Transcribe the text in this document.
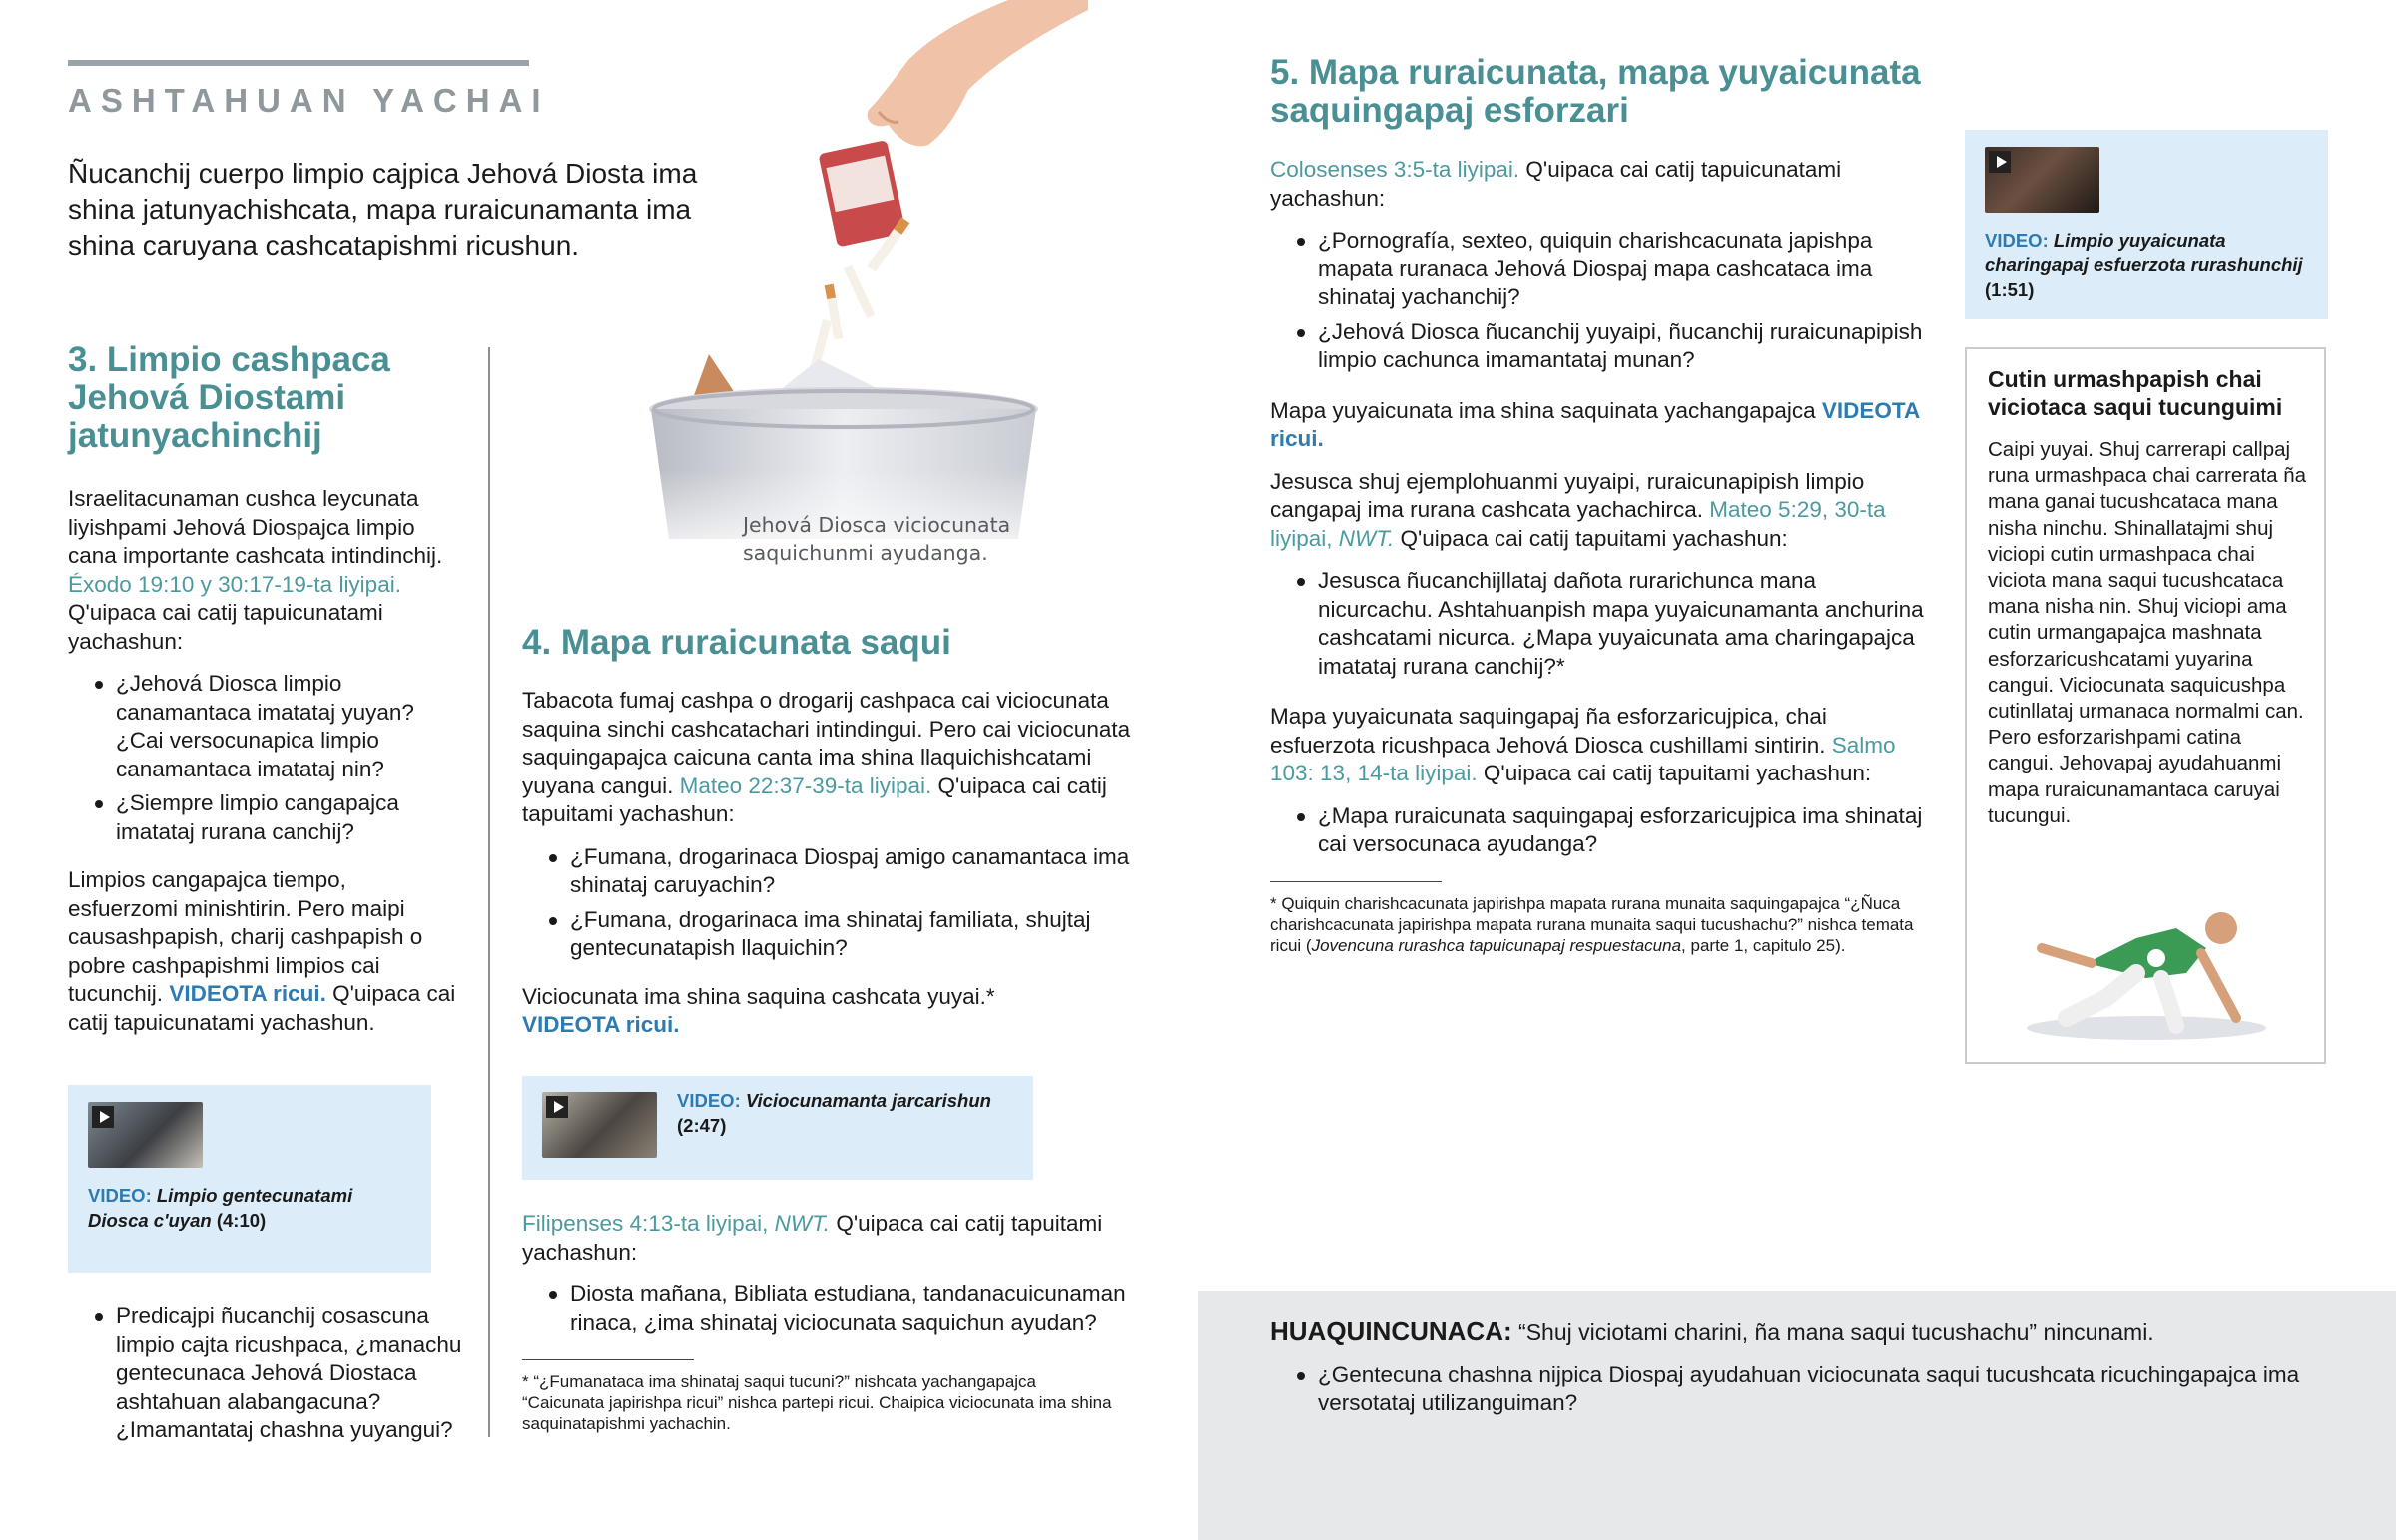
ASHTAHUAN YACHAI
Ñucanchij cuerpo limpio cajpica Jehová Diosta ima shina jatunyachishcata, mapa ruraicunamanta ima shina caruyana cashcatapishmi ricushun.
Jehová Diosca viciocunata
saquichunmi ayudanga.
3. Limpio cashpaca Jehová Diostami jatunyachinchij

Israelitacunaman cushca leycunata liyishpami Jehová Diospajca limpio cana importante cashcata intindinchij. Éxodo 19:10 y 30:17-19-ta liyipai. Q'uipaca cai catij tapuicunatami yachashun:

¿Jehová Diosca limpio canamantaca imatataj yuyan? ¿Cai versocunapica limpio canamantaca imatataj nin?
¿Siempre limpio cangapajca imatataj rurana canchij?

Limpios cangapajca tiempo, esfuerzomi minishtirin. Pero maipi causashpapish, charij cashpapish o pobre cashpapishmi limpios cai tucunchij. VIDEOTA ricui. Q'uipaca cai catij tapuicunatami yachashun.

VIDEO: Limpio gentecunatami Diosca c'uyan (4:10)
Predicajpi ñucanchij cosascuna limpio cajta ricushpaca, ¿manachu gentecunaca Jehová Diostaca ashtahuan alabangacuna? ¿Imamantataj chashna yuyangui?
4. Mapa ruraicunata saqui

Tabacota fumaj cashpa o drogarij cashpaca cai viciocunata saquina sinchi cashcatachari intindingui. Pero cai viciocunata saquingapajca caicuna canta ima shina llaquichishcatami yuyana cangui. Mateo 22:37-39-ta liyipai. Q'uipaca cai catij tapuitami yachashun:

¿Fumana, drogarinaca Diospaj amigo canamantaca ima shinataj caruyachin?
¿Fumana, drogarinaca ima shinataj familiata, shujtaj gentecunatapish llaquichin?

Viciocunata ima shina saquina cashcata yuyai.*
VIDEOTA ricui.

VIDEO: Viciocunamanta jarcarishun
(2:47)

Filipenses 4:13-ta liyipai, NWT. Q'uipaca cai catij tapuitami yachashun:

Diosta mañana, Bibliata estudiana, tandanacuicunaman rinaca, ¿ima shinataj viciocunata saquichun ayudan?
* “¿Fumanataca ima shinataj saqui tucuni?” nishcata yachangapajca “Caicunata japirishpa ricui” nishca partepi ricui. Chaipica viciocunata ima shina saquinatapishmi yachachin.
5. Mapa ruraicunata, mapa yuyaicunata saquingapaj esforzari

Colosenses 3:5-ta liyipai. Q'uipaca cai catij tapuicunatami yachashun:

¿Pornografía, sexteo, quiquin charishcacunata japishpa mapata ruranaca Jehová Diospaj mapa cashcataca ima shinataj yachanchij?
¿Jehová Diosca ñucanchij yuyaipi, ñucanchij ruraicunapipish limpio cachunca imamantataj munan?

Mapa yuyaicunata ima shina saquinata yachangapajca VIDEOTA ricui.

Jesusca shuj ejemplohuanmi yuyaipi, ruraicunapipish limpio cangapaj ima rurana cashcata yachachirca. Mateo 5:29, 30-ta liyipai, NWT. Q'uipaca cai catij tapuitami yachashun:

Jesusca ñucanchijllataj dañota rurarichunca mana nicurcachu. Ashtahuanpish mapa yuyaicunamanta anchurina cashcatami nicurca. ¿Mapa yuyaicunata ama charingapajca imatataj rurana canchij?*

Mapa yuyaicunata saquingapaj ña esforzaricujpica, chai esfuerzota ricushpaca Jehová Diosca cushillami sintirin. Salmo 103: 13, 14-ta liyipai. Q'uipaca cai catij tapuitami yachashun:

¿Mapa ruraicunata saquingapaj esforzaricujpica ima shinataj cai versocunaca ayudanga?
* Quiquin charishcacunata japirishpa mapata rurana munaita saquingapajca “¿Ñuca charishcacunata japirishpa mapata rurana munaita saqui tucushachu?” nishca temata ricui (Jovencuna rurashca tapuicunapaj respuestacuna, parte 1, capitulo 25).
VIDEO: Limpio yuyaicunata charingapaj esfuerzota rurashunchij (1:51)
Cutin urmashpapish chai viciotaca saqui tucunguimi
Caipi yuyai. Shuj carrerapi callpaj runa urmashpaca chai carrerata ña mana ganai tucushcataca mana nisha ninchu. Shinallatajmi shuj viciopi cutin urmashpaca chai viciota mana saqui tucushcataca mana nisha nin. Shuj viciopi ama cutin urmangapajca mashnata esforzaricushcatami yuyarina cangui. Viciocunata saquicushpa cutinllataj urmanaca normalmi can. Pero esforzarishpami catina cangui. Jehovapaj ayudahuanmi mapa ruraicunamantaca caruyai tucungui.

HUAQUINCUNACA: “Shuj viciotami charini, ña mana saqui tucushachu” nincunami.

¿Gentecuna chashna nijpica Diospaj ayudahuan viciocunata saqui tucushcata ricuchingapajca ima versotataj utilizanguiman?
